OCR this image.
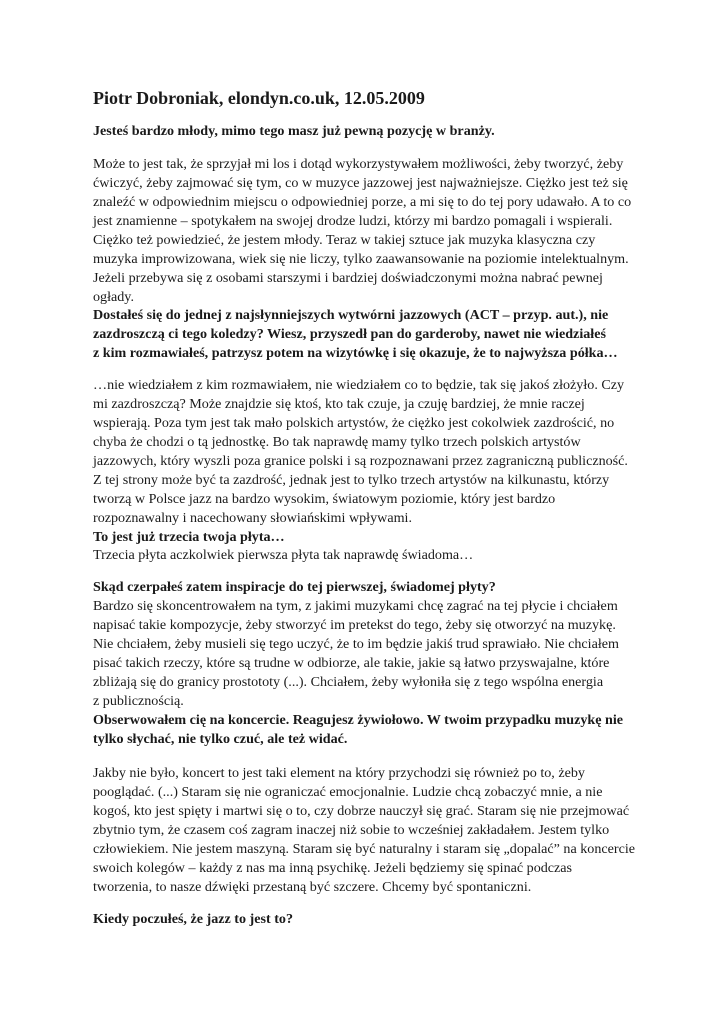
Piotr Dobroniak, elondyn.co.uk, 12.05.2009
Jesteś bardzo młody, mimo tego masz już pewną pozycję w branży.
Może to jest tak, że sprzyjał mi los i dotąd wykorzystywałem możliwości, żeby tworzyć, żeby
ćwiczyć, żeby zajmować się tym, co w muzyce jazzowej jest najważniejsze. Ciężko jest też się
znaleźć w odpowiednim miejscu o odpowiedniej porze, a mi się to do tej pory udawało. A to co
jest znamienne – spotykałem na swojej drodze ludzi, którzy mi bardzo pomagali i wspierali.
Ciężko też powiedzieć, że jestem młody. Teraz w takiej sztuce jak muzyka klasyczna czy
muzyka improwizowana, wiek się nie liczy, tylko zaawansowanie na poziomie intelektualnym.
Jeżeli przebywa się z osobami starszymi i bardziej doświadczonymi można nabrać pewnej
ogłady.
Dostałeś się do jednej z najsłynniejszych wytwórni jazzowych (ACT – przyp. aut.), nie
zazdroszczą ci tego koledzy? Wiesz, przyszedł pan do garderoby, nawet nie wiedziałeś
z kim rozmawiałeś, patrzysz potem na wizytówkę i się okazuje, że to najwyższa półka…
…nie wiedziałem z kim rozmawiałem, nie wiedziałem co to będzie, tak się jakoś złożyło. Czy
mi zazdroszczą? Może znajdzie się ktoś, kto tak czuje, ja czuję bardziej, że mnie raczej
wspierają. Poza tym jest tak mało polskich artystów, że ciężko jest cokolwiek zazdrościć, no
chyba że chodzi o tą jednostkę. Bo tak naprawdę mamy tylko trzech polskich artystów
jazzowych, który wyszli poza granice polski i są rozpoznawani przez zagraniczną publiczność.
Z tej strony może być ta zazdrość, jednak jest to tylko trzech artystów na kilkunastu, którzy
tworzą w Polsce jazz na bardzo wysokim, światowym poziomie, który jest bardzo
rozpoznawalny i nacechowany słowiańskimi wpływami.
To jest już trzecia twoja płyta…
Trzecia płyta aczkolwiek pierwsza płyta tak naprawdę świadoma…
Skąd czerpałeś zatem inspiracje do tej pierwszej, świadomej płyty?
Bardzo się skoncentrowałem na tym, z jakimi muzykami chcę zagrać na tej płycie i chciałem
napisać takie kompozycje, żeby stworzyć im pretekst do tego, żeby się otworzyć na muzykę.
Nie chciałem, żeby musieli się tego uczyć, że to im będzie jakiś trud sprawiało. Nie chciałem
pisać takich rzeczy, które są trudne w odbiorze, ale takie, jakie są łatwo przyswajalne, które
zbliżają się do granicy prostototy (...). Chciałem, żeby wyłoniła się z tego wspólna energia
z publicznością.
Obserwowałem cię na koncercie. Reagujesz żywiołowo. W twoim przypadku muzykę nie
tylko słychać, nie tylko czuć, ale też widać.
Jakby nie było, koncert to jest taki element na który przychodzi się również po to, żeby
pooglądać. (...) Staram się nie ograniczać emocjonalnie. Ludzie chcą zobaczyć mnie, a nie
kogoś, kto jest spięty i martwi się o to, czy dobrze nauczył się grać. Staram się nie przejmować
zbytnio tym, że czasem coś zagram inaczej niż sobie to wcześniej zakładałem. Jestem tylko
człowiekiem. Nie jestem maszyną. Staram się być naturalny i staram się „dopalać” na koncercie
swoich kolegów – każdy z nas ma inną psychikę. Jeżeli będziemy się spinać podczas
tworzenia, to nasze dźwięki przestaną być szczere. Chcemy być spontaniczni.
Kiedy poczułeś, że jazz to jest to?
